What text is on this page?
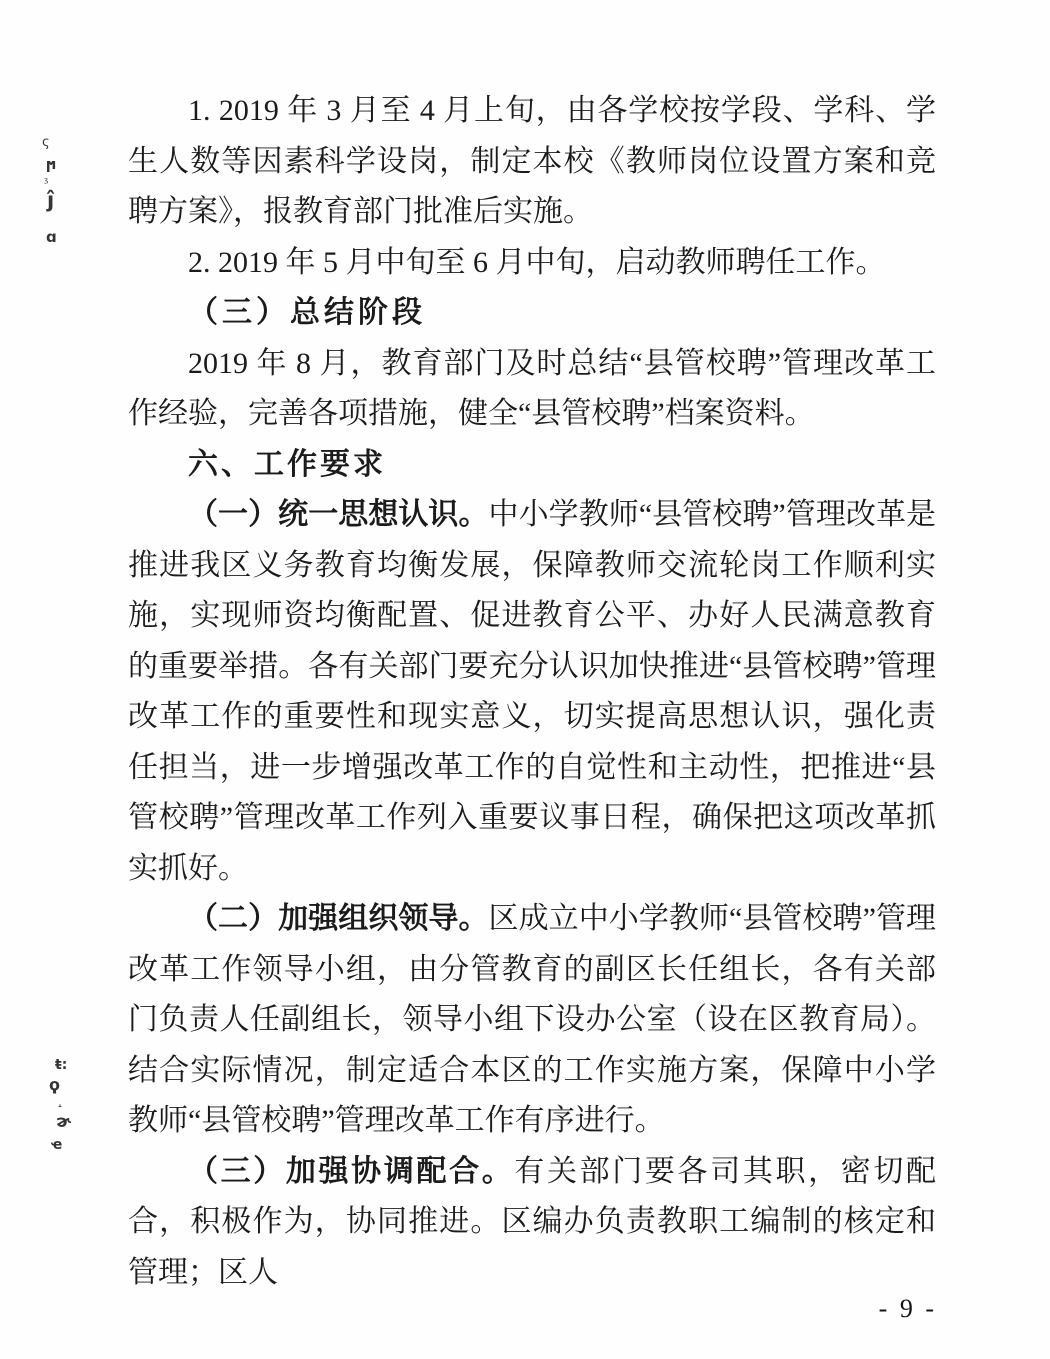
ς
ϻ
ᶾ
ĵ
ɑ
ŧ:
ϙ
˔
ɚ
ҽ

1. 2019 年 3 月至 4 月上旬，由各学校按学段、学科、学生人数等因素科学设岗，制定本校《教师岗位设置方案和竞聘方案》，报教育部门批准后实施。

2. 2019 年 5 月中旬至 6 月中旬，启动教师聘任工作。

（三）总结阶段

2019 年 8 月，教育部门及时总结“县管校聘”管理改革工作经验，完善各项措施，健全“县管校聘”档案资料。

六、工作要求

（一）统一思想认识。中小学教师“县管校聘”管理改革是推进我区义务教育均衡发展，保障教师交流轮岗工作顺利实施，实现师资均衡配置、促进教育公平、办好人民满意教育的重要举措。各有关部门要充分认识加快推进“县管校聘”管理改革工作的重要性和现实意义，切实提高思想认识，强化责任担当，进一步增强改革工作的自觉性和主动性，把推进“县管校聘”管理改革工作列入重要议事日程，确保把这项改革抓实抓好。

（二）加强组织领导。区成立中小学教师“县管校聘”管理改革工作领导小组，由分管教育的副区长任组长，各有关部门负责人任副组长，领导小组下设办公室（设在区教育局）。结合实际情况，制定适合本区的工作实施方案，保障中小学教师“县管校聘”管理改革工作有序进行。

（三）加强协调配合。有关部门要各司其职，密切配合，积极作为，协同推进。区编办负责教职工编制的核定和管理；区人

- 9 -
